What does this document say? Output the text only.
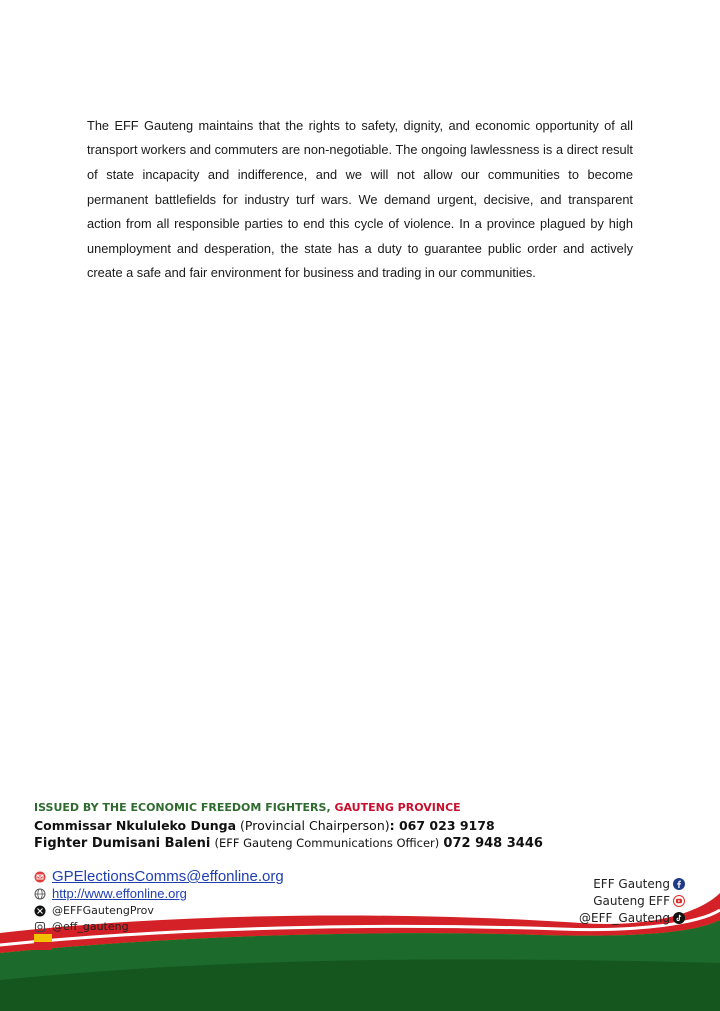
The EFF Gauteng maintains that the rights to safety, dignity, and economic opportunity of all transport workers and commuters are non-negotiable. The ongoing lawlessness is a direct result of state incapacity and indifference, and we will not allow our communities to become permanent battlefields for industry turf wars. We demand urgent, decisive, and transparent action from all responsible parties to end this cycle of violence. In a province plagued by high unemployment and desperation, the state has a duty to guarantee public order and actively create a safe and fair environment for business and trading in our communities.

ISSUED BY THE ECONOMIC FREEDOM FIGHTERS, GAUTENG PROVINCE
Commissar Nkululeko Dunga (Provincial Chairperson): 067 023 9178
Fighter Dumisani Baleni (EFF Gauteng Communications Officer) 072 948 3446
GPElectionsComms@effonline.org
http://www.effonline.org
@EFFGautengProv
@eff_gauteng
EFF Gauteng
Gauteng EFF
@EFF_Gauteng
